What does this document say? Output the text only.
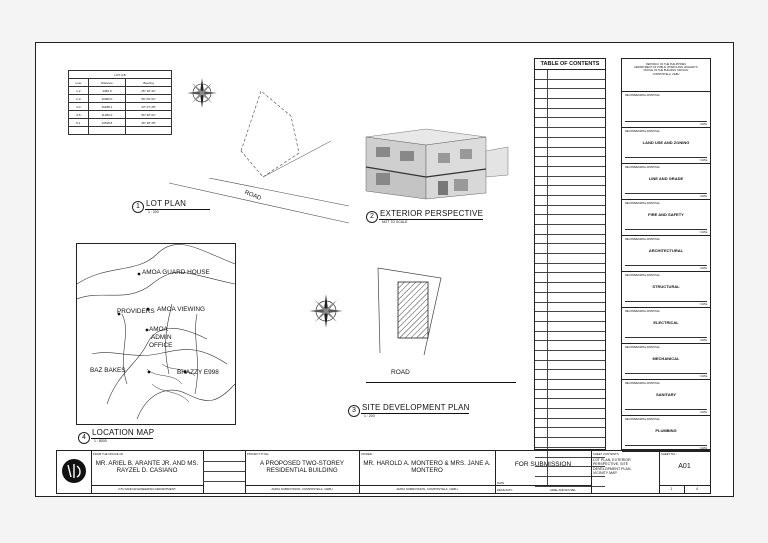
LOT 3-B		
Line	Distance	Bearing
1-2	4466.0	25° 35' 42"
2-3	10060.0	66° 06' 02"
3-4	15188.1	23° 07' 28"
4-5	11390.0	66° 56' 02"
5-1	13518.5	46° 38' 28"

ROAD
1 LOT PLAN
1 : 200
2 EXTERIOR PERSPECTIVE
NOT TO SCALE
ROAD
3 SITE DEVELOPMENT PLAN
1 : 200
AMOA GUARD HOUSE
PROVIDERS AMOA VIEWING
AMOA
ADMIN
OFFICE
BAZ BAKES	BHAZZY E998
4
LOCATION MAP
1 : 8000
TABLE OF CONTENTS	REPUBLIC OF THE PHILIPPINES
DEPARTMENT OF PUBLIC WORKS AND HIGHWAYS
OFFICE OF THE BUILDING OFFICIAL
COMPOSTELA, CEBU
RECOMMENDING APPROVAL
DATE
RECOMMENDING APPROVAL
LAND USE AND ZONING
DATE
RECOMMENDING APPROVAL
LINE AND GRADE
DATE
RECOMMENDING APPROVAL
FIRE AND SAFETY
DATE
RECOMMENDING APPROVAL
ARCHITECTURAL
DATE
RECOMMENDING APPROVAL
STRUCTURAL
DATE
RECOMMENDING APPROVAL
ELECTRICAL
DATE
RECOMMENDING APPROVAL
MECHANICAL
DATE
RECOMMENDING APPROVAL
SANITARY
DATE
RECOMMENDING APPROVAL
PLUMBING
DATE
FROM THE OFFICE OF:
MR. ARIEL B. ARANTE JR. AND MS. RAYZEL D. CASIANO
CTU MAIN ENGINEERING DEPARTMENT
PROJECT TITLE:
A PROPOSED TWO-STOREY RESIDENTIAL BUILDING
AMOA SUBDIVISION, COMPOSTELA, CEBU
OWNER:
MR. HAROLD A. MONTERO & MRS. JANE A. MONTERO
AMOA SUBDIVISION, COMPOSTELA, CEBU
FOR SUBMISSION
DATE
DESIGN BY:	ARIEL AND RAYZEL
SHEET CONTENTS:
LOT PLAN, EXTERIOR PERSPECTIVE, SITE DEVELOPMENT PLAN, VICINITY MAP
SHEET NO.:
A01
1	4
